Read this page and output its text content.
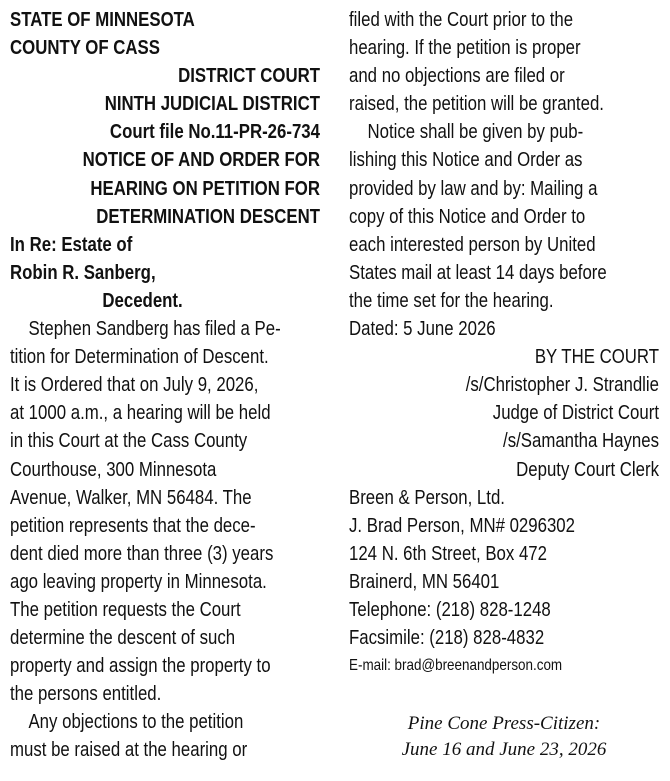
STATE OF MINNESOTA
COUNTY OF CASS
DISTRICT COURT
NINTH JUDICIAL DISTRICT
Court file No.11-PR-26-734
NOTICE OF AND ORDER FOR
HEARING ON PETITION FOR
DETERMINATION DESCENT
In Re: Estate of
Robin R. Sanberg,
Decedent.
Stephen Sandberg has filed a Pe-
tition for Determination of Descent.
It is Ordered that on July 9, 2026,
at 1000 a.m., a hearing will be held
in this Court at the Cass County
Courthouse, 300 Minnesota
Avenue, Walker, MN 56484. The
petition represents that the dece-
dent died more than three (3) years
ago leaving property in Minnesota.
The petition requests the Court
determine the descent of such
property and assign the property to
the persons entitled.
Any objections to the petition
must be raised at the hearing or
filed with the Court prior to the
hearing. If the petition is proper
and no objections are filed or
raised, the petition will be granted.
Notice shall be given by pub-
lishing this Notice and Order as
provided by law and by: Mailing a
copy of this Notice and Order to
each interested person by United
States mail at least 14 days before
the time set for the hearing.
Dated: 5 June 2026
BY THE COURT
/s/Christopher J. Strandlie
Judge of District Court
/s/Samantha Haynes
Deputy Court Clerk
Breen & Person, Ltd.
J. Brad Person, MN# 0296302
124 N. 6th Street, Box 472
Brainerd, MN 56401
Telephone: (218) 828-1248
Facsimile: (218) 828-4832
E-mail: brad@breenandperson.com
Pine Cone Press-Citizen:
June 16 and June 23, 2026
